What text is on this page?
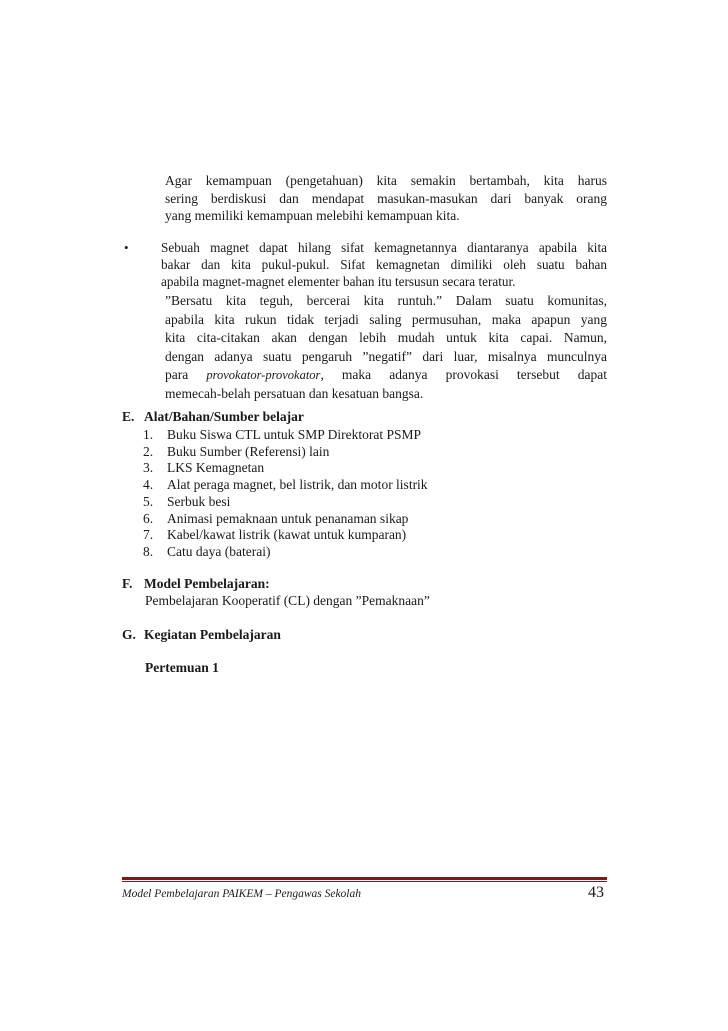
Agar kemampuan (pengetahuan) kita semakin bertambah, kita harus
sering berdiskusi dan mendapat masukan-masukan dari banyak orang
yang memiliki kemampuan melebihi kemampuan kita.
• Sebuah magnet dapat hilang sifat kemagnetannya diantaranya apabila kita
bakar dan kita pukul-pukul. Sifat kemagnetan dimiliki oleh suatu bahan
apabila magnet-magnet elementer bahan itu tersusun secara teratur.
”Bersatu kita teguh, bercerai kita runtuh.” Dalam suatu komunitas,
apabila kita rukun tidak terjadi saling permusuhan, maka apapun yang
kita cita-citakan akan dengan lebih mudah untuk kita capai. Namun,
dengan adanya suatu pengaruh ”negatif” dari luar, misalnya munculnya
para provokator-provokator, maka adanya provokasi tersebut dapat
memecah-belah persatuan dan kesatuan bangsa.
E. Alat/Bahan/Sumber belajar
1.	Buku Siswa CTL untuk SMP Direktorat PSMP
2.	Buku Sumber (Referensi) lain
3.	LKS Kemagnetan
4.	Alat peraga magnet, bel listrik, dan motor listrik
5.	Serbuk besi
6.	Animasi pemaknaan untuk penanaman sikap
7.	Kabel/kawat listrik (kawat untuk kumparan)
8.	Catu daya (baterai)
F. Model Pembelajaran:
Pembelajaran Kooperatif (CL) dengan ”Pemaknaan”
G. Kegiatan Pembelajaran
Pertemuan 1
Model Pembelajaran PAIKEM – Pengawas Sekolah	43
